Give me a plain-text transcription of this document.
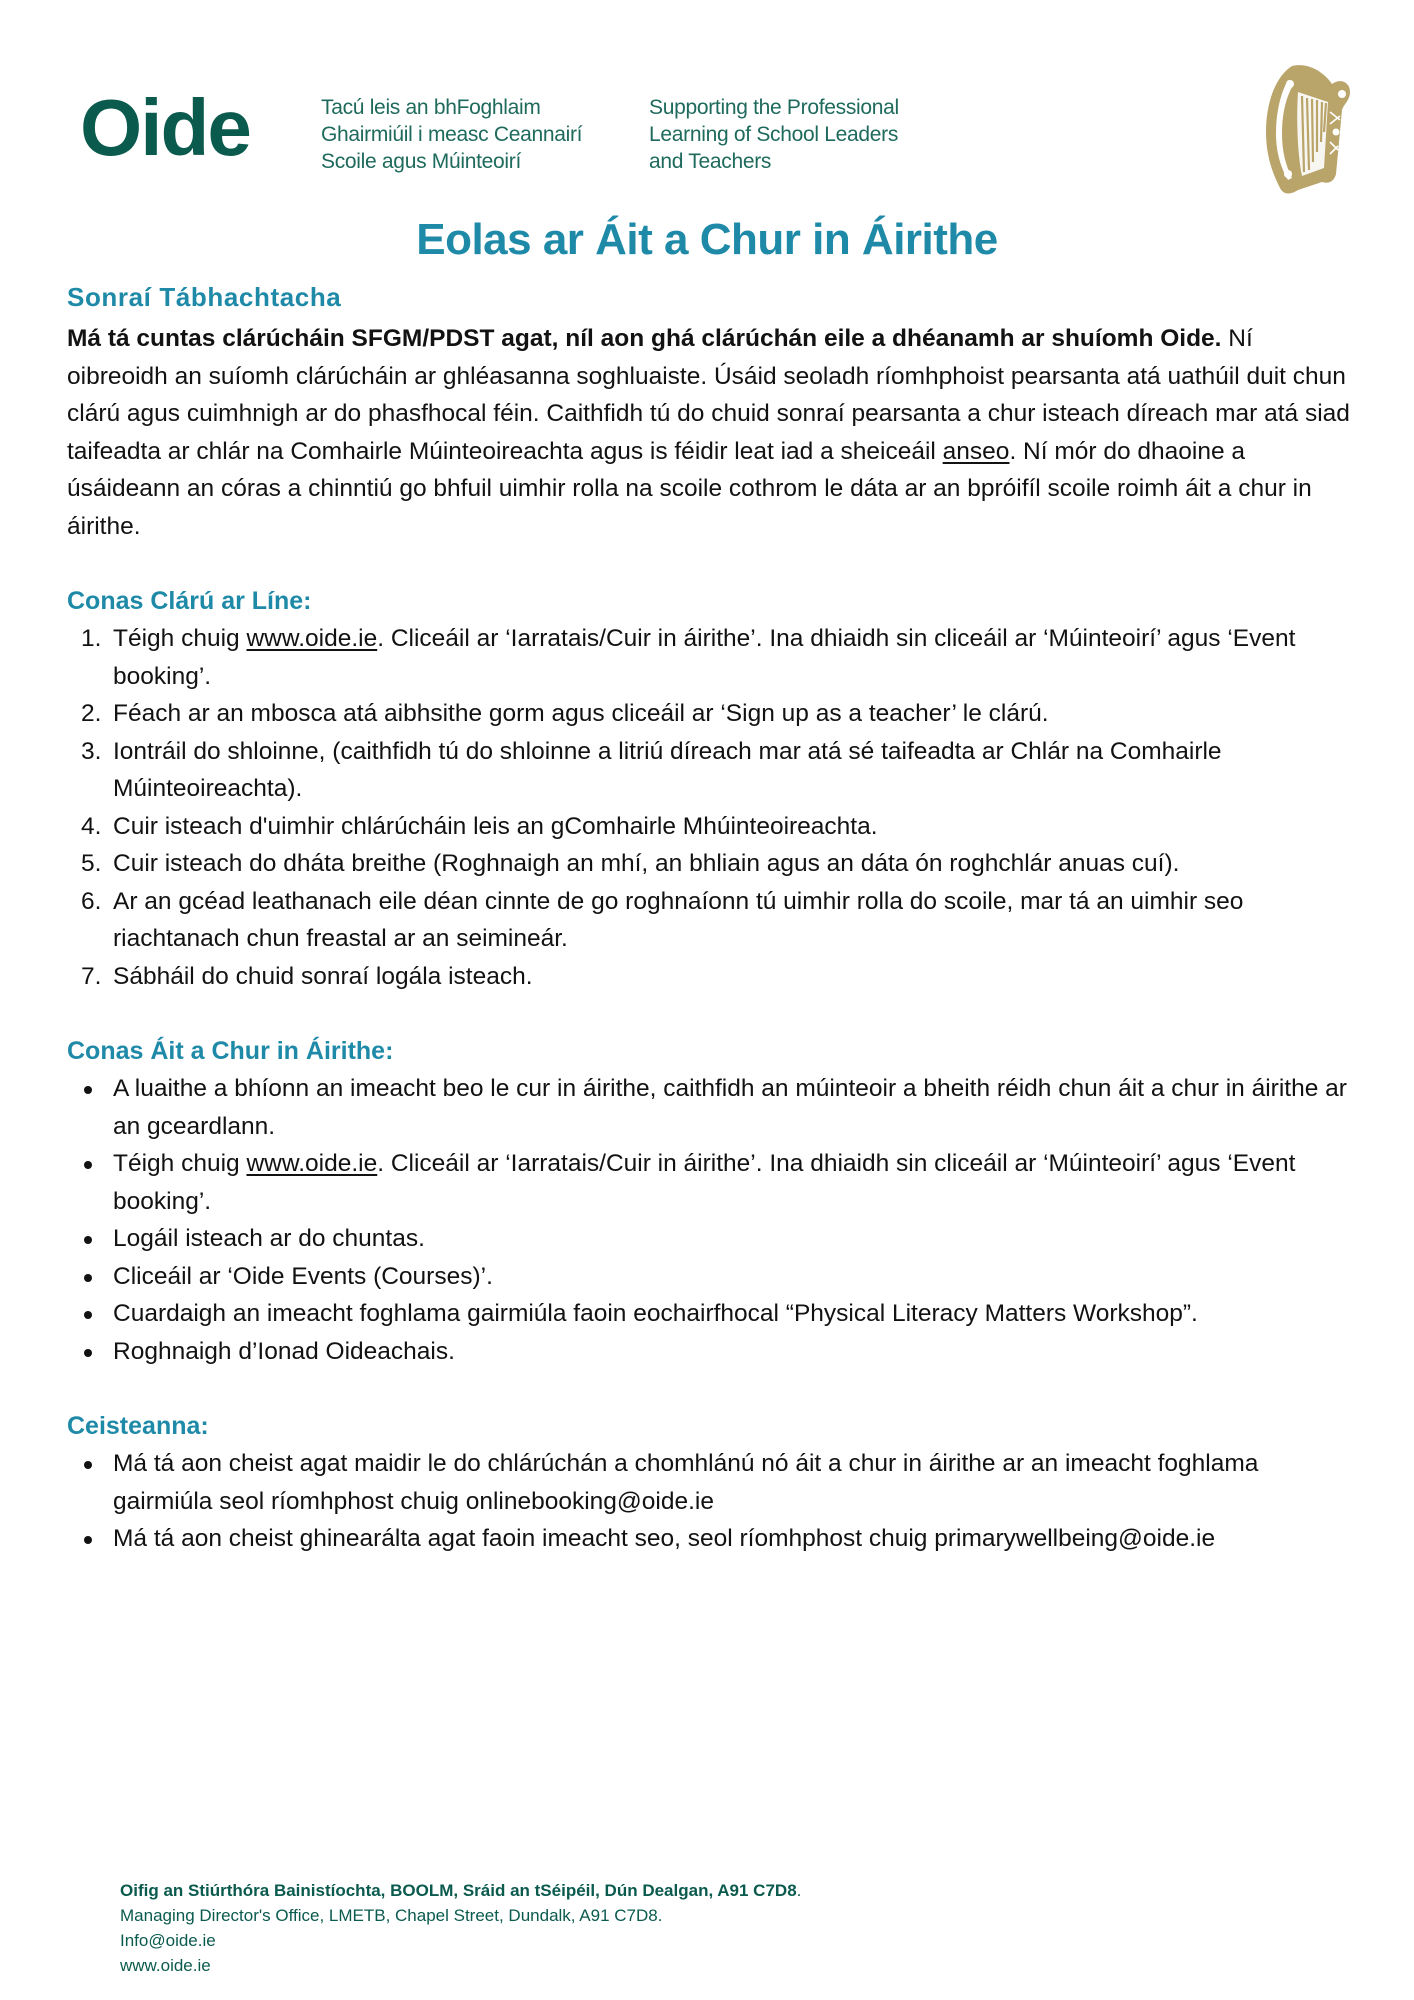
Oide	Tacú leis an bhFoghlaim
Ghairmiúil i measc Ceannairí
Scoile agus Múinteoirí
Supporting the Professional
Learning of School Leaders
and Teachers
Eolas ar Áit a Chur in Áirithe
Sonraí Tábhachtacha

Má tá cuntas clárúcháin SFGM/PDST agat, níl aon ghá clárúchán eile a dhéanamh ar shuíomh Oide. Ní oibreoidh an suíomh clárúcháin ar ghléasanna soghluaiste. Úsáid seoladh ríomhphoist pearsanta atá uathúil duit chun clárú agus cuimhnigh ar do phasfhocal féin. Caithfidh tú do chuid sonraí pearsanta a chur isteach díreach mar atá siad taifeadta ar chlár na Comhairle Múinteoireachta agus is féidir leat iad a sheiceáil anseo. Ní mór do dhaoine a úsáideann an córas a chinntiú go bhfuil uimhir rolla na scoile cothrom le dáta ar an bpróifíl scoile roimh áit a chur in áirithe.

Conas Clárú ar Líne:
1. Téigh chuig www.oide.ie. Cliceáil ar ‘Iarratais/Cuir in áirithe’. Ina dhiaidh sin cliceáil ar ‘Múinteoirí’ agus ‘Event booking’.
2. Féach ar an mbosca atá aibhsithe gorm agus cliceáil ar ‘Sign up as a teacher’ le clárú.
3. Iontráil do shloinne, (caithfidh tú do shloinne a litriú díreach mar atá sé taifeadta ar Chlár na Comhairle Múinteoireachta).
4. Cuir isteach d'uimhir chlárúcháin leis an gComhairle Mhúinteoireachta.
5. Cuir isteach do dháta breithe (Roghnaigh an mhí, an bhliain agus an dáta ón roghchlár anuas cuí).
6. Ar an gcéad leathanach eile déan cinnte de go roghnaíonn tú uimhir rolla do scoile, mar tá an uimhir seo riachtanach chun freastal ar an seimineár.
7. Sábháil do chuid sonraí logála isteach.
Conas Áit a Chur in Áirithe:
A luaithe a bhíonn an imeacht beo le cur in áirithe, caithfidh an múinteoir a bheith réidh chun áit a chur in áirithe ar an gceardlann.
Téigh chuig www.oide.ie. Cliceáil ar ‘Iarratais/Cuir in áirithe’. Ina dhiaidh sin cliceáil ar ‘Múinteoirí’ agus ‘Event booking’.
Logáil isteach ar do chuntas.
Cliceáil ar ‘Oide Events (Courses)’.
Cuardaigh an imeacht foghlama gairmiúla faoin eochairfhocal “Physical Literacy Matters Workshop”.
Roghnaigh d’Ionad Oideachais.
Ceisteanna:
Má tá aon cheist agat maidir le do chlárúchán a chomhlánú nó áit a chur in áirithe ar an imeacht foghlama gairmiúla seol ríomhphost chuig onlinebooking@oide.ie
Má tá aon cheist ghinearálta agat faoin imeacht seo, seol ríomhphost chuig primarywellbeing@oide.ie
Oifig an Stiúrthóra Bainistíochta, BOOLM, Sráid an tSéipéil, Dún Dealgan, A91 C7D8.
Managing Director's Office, LMETB, Chapel Street, Dundalk, A91 C7D8.
Info@oide.ie
www.oide.ie
